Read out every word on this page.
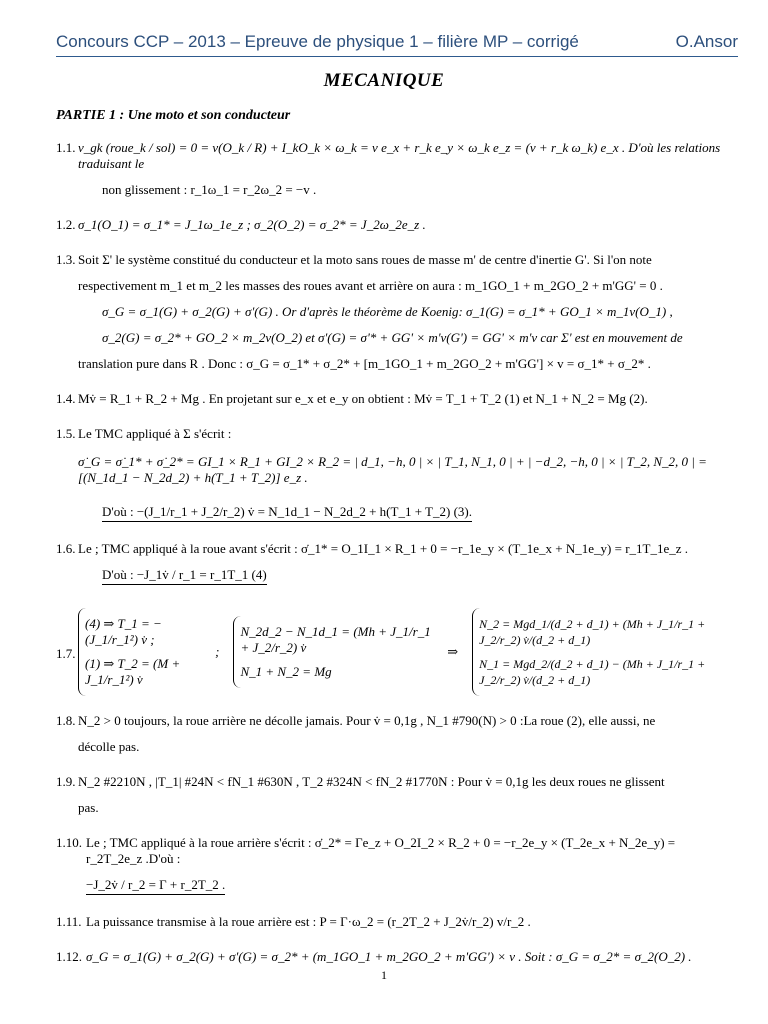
Concours CCP – 2013 – Epreuve de physique 1 – filière MP – corrigé	O.Ansor
MECANIQUE
PARTIE 1 : Une moto et son conducteur
1.1. v_gk (roue_k / sol) = 0 = v(O_k / R) + I_kO_k × ω_k = v e_x + r_k e_y × ω_k e_z = (v + r_k ω_k) e_x . D'où les relations traduisant le
non glissement : r_1ω_1 = r_2ω_2 = −v .
1.2. σ_1(O_1) = σ_1* = J_1ω_1e_z ; σ_2(O_2) = σ_2* = J_2ω_2e_z .
1.3. Soit Σ' le système constitué du conducteur et la moto sans roues de masse m' de centre d'inertie G'. Si l'on note
respectivement m_1 et m_2 les masses des roues avant et arrière on aura : m_1GO_1 + m_2GO_2 + m'GG' = 0 .
σ_G = σ_1(G) + σ_2(G) + σ'(G) . Or d'après le théorème de Koenig: σ_1(G) = σ_1* + GO_1 × m_1v(O_1) ,
σ_2(G) = σ_2* + GO_2 × m_2v(O_2) et σ'(G) = σ'* + GG' × m'v(G') = GG' × m'v car Σ' est en mouvement de
translation pure dans R . Donc : σ_G = σ_1* + σ_2* + [m_1GO_1 + m_2GO_2 + m'GG'] × v = σ_1* + σ_2* .
1.4. Mv̇ = R_1 + R_2 + Mg . En projetant sur e_x et e_y on obtient : Mv̇ = T_1 + T_2 (1) et N_1 + N_2 = Mg (2).
1.5. Le TMC appliqué à Σ s'écrit :
σ̇_G = σ̇_1* + σ̇_2* = GI_1 × R_1 + GI_2 × R_2 = | d_1, −h, 0 | × | T_1, N_1, 0 | + | −d_2, −h, 0 | × | T_2, N_2, 0 | = [(N_1d_1 − N_2d_2) + h(T_1 + T_2)] e_z .
D'où : −(J_1/r_1 + J_2/r_2) v̇ = N_1d_1 − N_2d_2 + h(T_1 + T_2) (3).
1.6. Le ; TMC appliqué à la roue avant s'écrit : σ̇_1* = O_1I_1 × R_1 + 0 = −r_1e_y × (T_1e_x + N_1e_y) = r_1T_1e_z .
D'où : −J_1v̇ / r_1 = r_1T_1 (4)
1.7.
(4) ⇒ T_1 = −(J_1/r_1²) v̇ ;
(1) ⇒ T_2 = (M + J_1/r_1²) v̇
;
N_2d_2 − N_1d_1 = (Mh + J_1/r_1 + J_2/r_2) v̇
N_1 + N_2 = Mg
⇒
N_2 = Mgd_1/(d_2 + d_1) + (Mh + J_1/r_1 + J_2/r_2) v̇/(d_2 + d_1)
N_1 = Mgd_2/(d_2 + d_1) − (Mh + J_1/r_1 + J_2/r_2) v̇/(d_2 + d_1)
1.8. N_2 > 0 toujours, la roue arrière ne décolle jamais. Pour v̇ = 0,1g , N_1 #790(N) > 0 :La roue (2), elle aussi, ne
décolle pas.
1.9. N_2 #2210N , |T_1| #24N < fN_1 #630N , T_2 #324N < fN_2 #1770N : Pour v̇ = 0,1g les deux roues ne glissent
pas.
1.10. Le ; TMC appliqué à la roue arrière s'écrit : σ̇_2* = Γe_z + O_2I_2 × R_2 + 0 = −r_2e_y × (T_2e_x + N_2e_y) = r_2T_2e_z .D'où :
−J_2v̇ / r_2 = Γ + r_2T_2 .
1.11. La puissance transmise à la roue arrière est : P = Γ·ω_2 = (r_2T_2 + J_2v̇/r_2) v/r_2 .
1.12. σ_G = σ_1(G) + σ_2(G) + σ'(G) = σ_2* + (m_1GO_1 + m_2GO_2 + m'GG') × v . Soit : σ_G = σ_2* = σ_2(O_2) .
1
